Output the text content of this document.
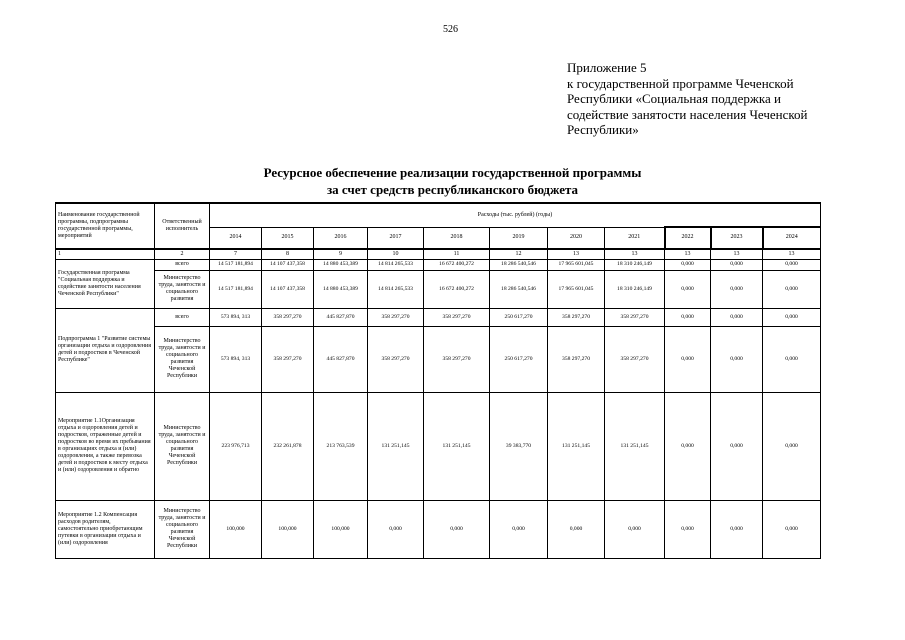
526
Приложение 5
к государственной программе Чеченской
Республики «Социальная поддержка и
содействие занятости населения Чеченской
Республики»
Ресурсное обеспечение реализации государственной программы
за счет средств республиканского бюджета
Наименование государственной программы, подпрограммы государственной программы, мероприятий	Ответственный исполнитель	Расходы (тыс. рублей) (годы)										
		2014	2015	2016	2017	2018	2019	2020	2021	2022	2023	2024
1	2	7	8	9	10	11	12	13	13	13	13	13
Государственная программа "Социальная поддержка и содействие занятости населения Чеченской Республики"	всего	14 517 181,894	14 107 437,358	14 880 453,389	14 814 265,533	16 672 400,272	18 286 540,546	17 965 601,045	18 310 246,149	0,000	0,000	0,000
	Министерство труда, занятости и социального развития	14 517 181,894	14 107 437,358	14 880 453,389	14 814 265,533	16 672 400,272	18 286 540,546	17 965 601,045	18 310 246,149	0,000	0,000	0,000
Подпрограмма 1 "Развитие системы организации отдыха и оздоровления детей и подростков в Чеченской Республике"	всего	573 894, 313	358 297,270	445 827,870	358 297,270	358 297,270	250 617,270	358 297,270	358 297,270	0,000	0,000	0,000
	Министерство труда, занятости и социального развития Чеченской Республики	573 894, 313	358 297,270	445 827,870	358 297,270	358 297,270	250 617,270	358 297,270	358 297,270	0,000	0,000	0,000
Мероприятие 1.1Организация отдыха и оздоровления детей и подростков, отраженные детей и подростков во время их пребывания в организациях отдыха и (или) оздоровления, а также перевозка детей и подростков к месту отдыха и (или) оздоровления и обратно	Министерство труда, занятости и социального развития Чеченской Республики	223 976,713	232 261,878	213 763,539	131 251,145	131 251,145	39 383,770	131 251,145	131 251,145	0,000	0,000	0,000
Мероприятие 1.2 Компенсация расходов родителям, самостоятельно приобретающим путевки в организации отдыха и (или) оздоровления	Министерство труда, занятости и социального развития Чеченской Республики	100,000	100,000	100,000	0,000	0,000	0,000	0,000	0,000	0,000	0,000	0,000
